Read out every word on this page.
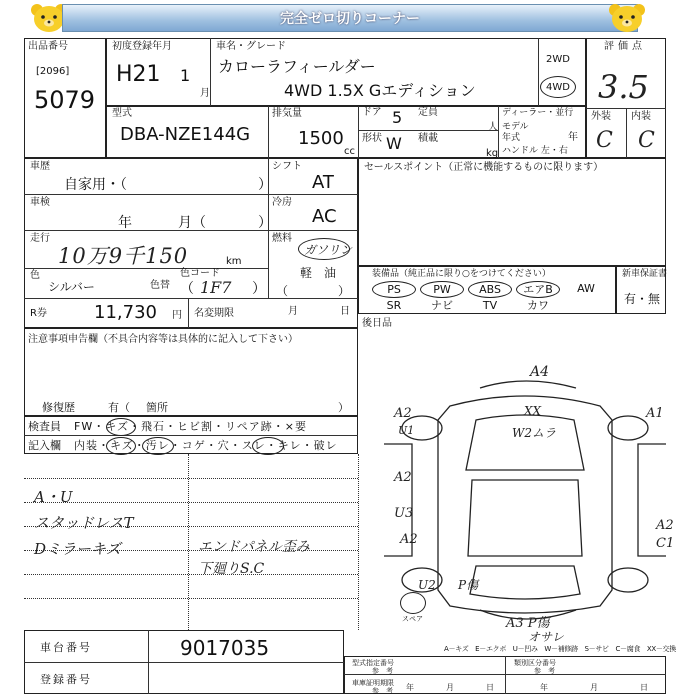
完全ゼロ切りコーナー
出品番号
[2096]
5079
初度登録年月
H21 1
月
車名・グレード
カローラフィールダー
4WD 1.5X Gエディション
2WD
4WD
評価点
3.5
外装 内装
C C
型式
DBA-NZE144G
排気量
1500
cc
ドア 5 定員
人
形状 W 積載
kg
ディーラー・並行
モデル年式	年
ハンドル 左・右
車歴
自家用・（	）
シフト
AT
車検
年	月（	）
冷房
AC
走行
10万9千150	km
燃料
ガソリン
軽　油
（	）
色
シルバー	色替
色コード
（ 1F7 ）
R券	11,730 円 名変期限	月	日
セールスポイント（正常に機能するものに限ります）
装備品（純正品に限り○をつけてください）
PS	PW	ABS	エアB	AW
SR	ナビ	TV	カワ
新車保証書
有・無
後日品
注意事項申告欄（不具合内容等は具体的に記入して下さい）
修復歴	有（ 箇所	）
検査員 FW・キズ・飛石・ヒビ割・リペア跡・×要
記入欄 内装・キズ・汚レ・コゲ・穴・スレ・キレ・破レ
A・U
スタッドレスT
Dミラーキズ	エンドパネル歪み
下廻りS.C
A4
A2
U1
A1
XX
W2ムラ
A2
U3
A2
A2
C1
U2 P傷
A3 P傷
オサレ
スペア
A－キズ　E－エクボ　U－凹み　W－補修跡　S－サビ　C－腐食　XX－交換
車台番号	9017035
登録番号
型式指定番号
参　考
類別区分番号
参　考
車庫証明期限
参　考 年	月	日	年	月	日
